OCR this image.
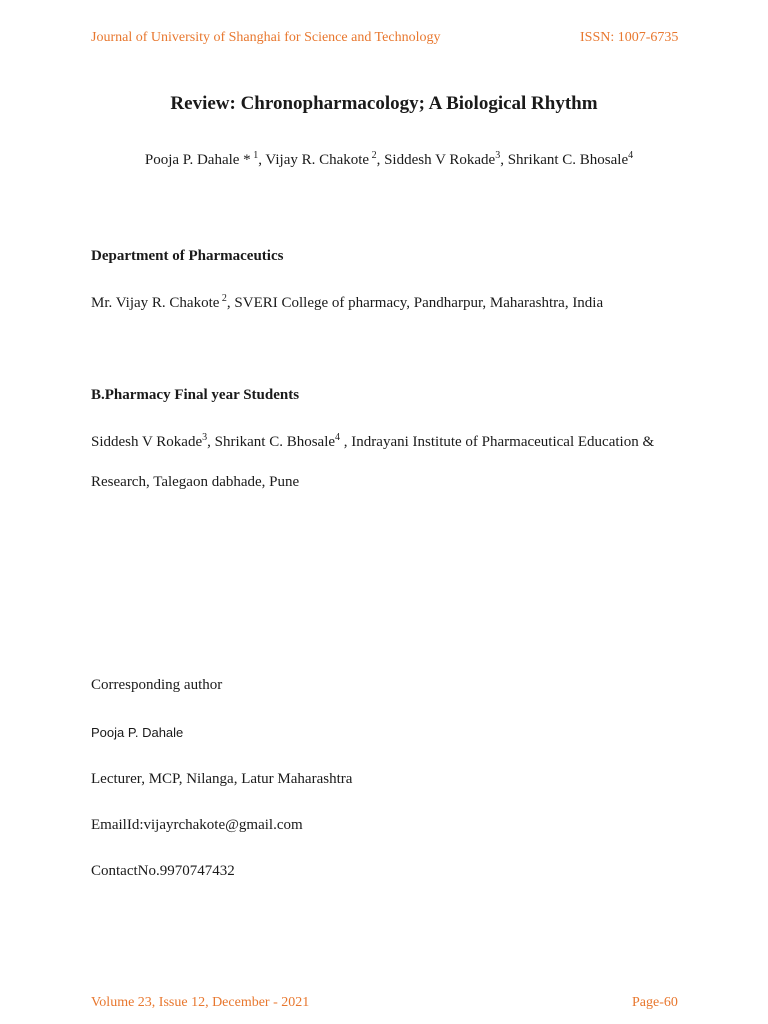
Journal of University of Shanghai for Science and Technology	ISSN: 1007-6735
Review: Chronopharmacology; A Biological Rhythm
Pooja P. Dahale * $^1$, Vijay R. Chakote $^2$, Siddesh V Rokade$^3$, Shrikant C. Bhosale$^4$
Department of Pharmaceutics
Mr. Vijay R. Chakote $^2$, SVERI College of pharmacy, Pandharpur, Maharashtra, India
B.Pharmacy Final year Students
Siddesh V Rokade$^3$, Shrikant C. Bhosale$^4$ , Indrayani Institute of Pharmaceutical Education &
Research, Talegaon dabhade, Pune
Corresponding author
Pooja P. Dahale
Lecturer, MCP, Nilanga, Latur Maharashtra
EmailId:vijayrchakote@gmail.com
ContactNo.9970747432
Volume 23, Issue 12, December - 2021	Page-60
